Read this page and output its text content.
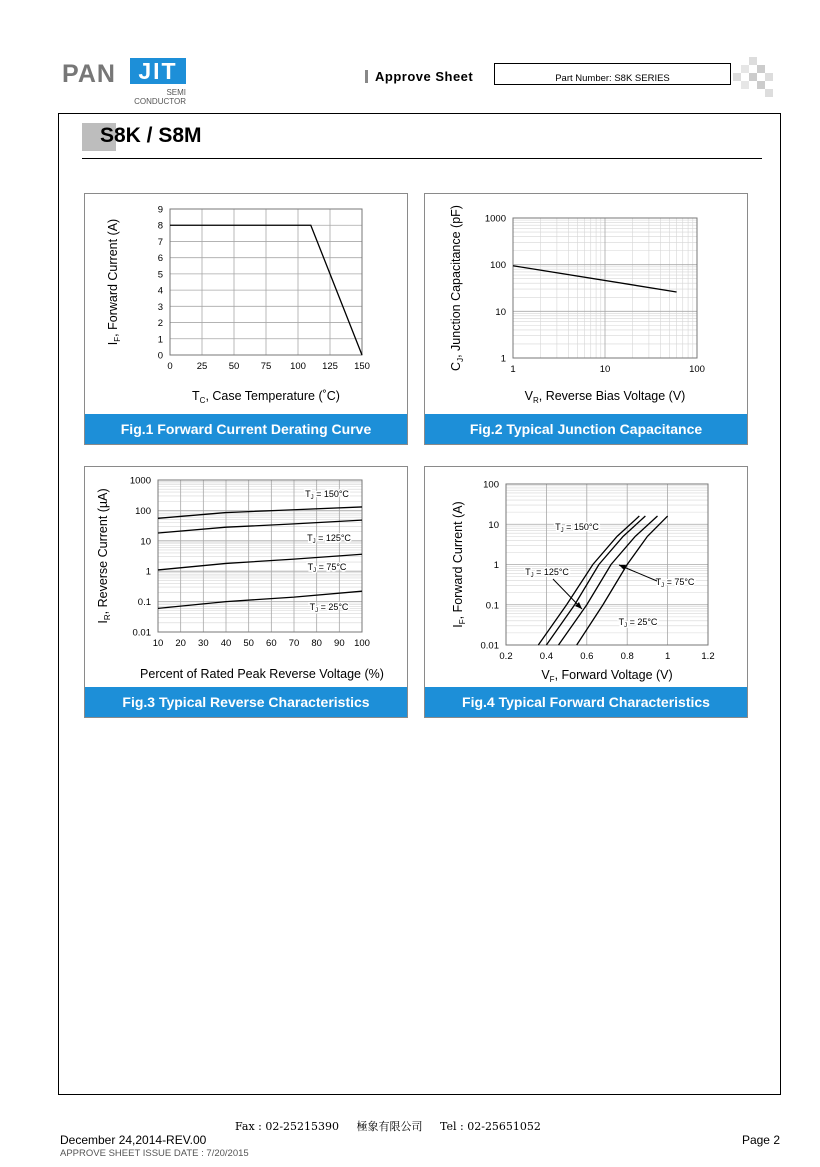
PAN JIT
SEMI CONDUCTOR
Approve Sheet	Part Number: S8K SERIES
S8K / S8M
0
1
2
3
4
5
6
7
8
9
0	25 50 75 100 125 150
$T_C$, Case Temperature (˚C)
$I_F$, Forward Current (A)
Fig.1 Forward Current Derating Curve
1
10
100
1000
1	10	100
$V_R$, Reverse Bias Voltage (V)
$C_J$, Junction Capacitance (pF)
Fig.2 Typical Junction Capacitance
0.01
0.1
1
10
100
1000
10 20 30 40 50 60 70 80 90 100
$T_J = 150^\circ C$
$T_J = 125^\circ C$
$T_J = 75^\circ C$
$T_J = 25^\circ C$
Percent of Rated Peak Reverse Voltage (%)
$I_R$, Reverse Current (µA)
Fig.3 Typical Reverse Characteristics
0.01
0.1
1
10
100
0.2	0.4	0.6	0.8	1	1.2
$T_J = 150^\circ C$
$T_J = 125^\circ C$
$T_J = 75^\circ C$
$T_J = 25^\circ C$
$V_F$, Forward Voltage (V)
$I_F$, Forward Current (A)
Fig.4 Typical Forward Characteristics
Fax : 02-25215390     極象有限公司     Tel : 02-25651052
December 24,2014-REV.00
APPROVE SHEET ISSUE DATE : 7/20/2015
Page 2
